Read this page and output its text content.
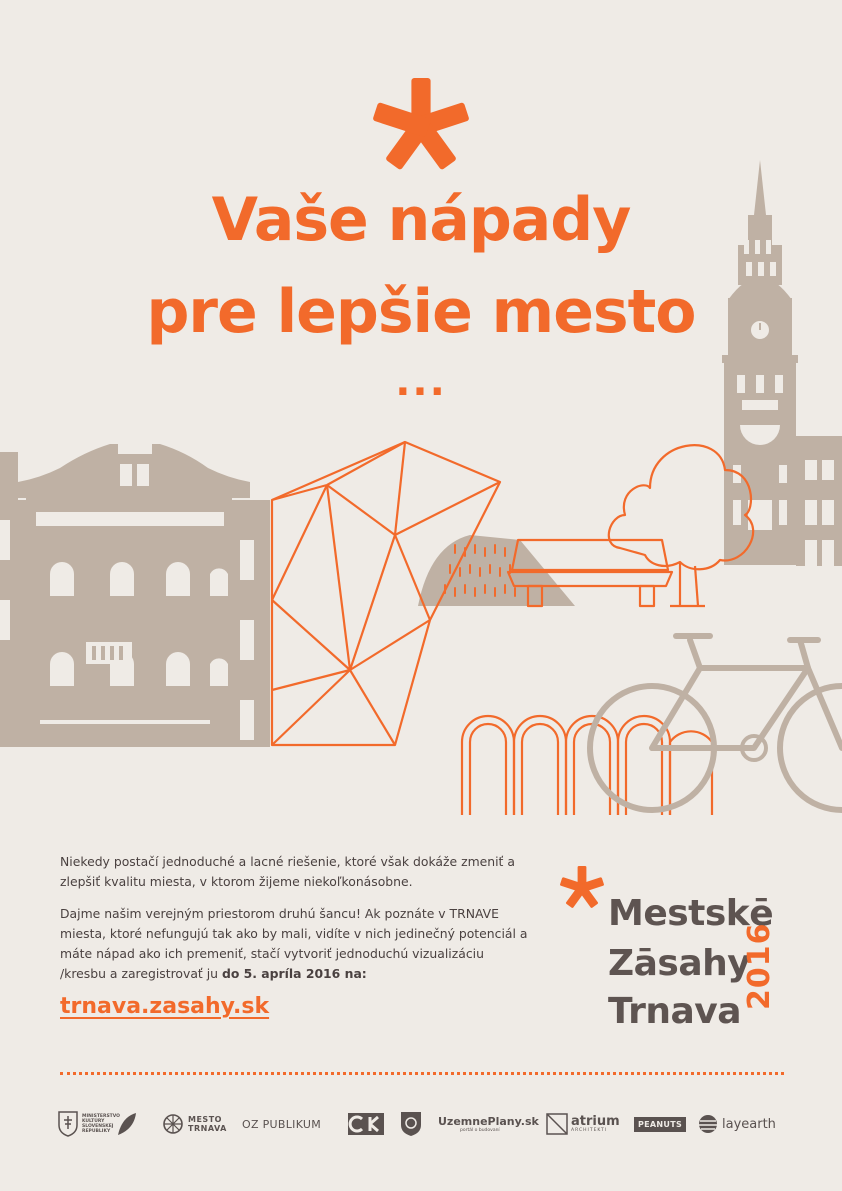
Vaše nápady
pre lepšie mesto
...

Niekedy postačí jednoduché a lacné riešenie, ktoré však dokáže zmeniť a zlepšiť kvalitu miesta, v ktorom žijeme niekoľkonásobne.

Dajme našim verejným priestorom druhú šancu! Ak poznáte v TRNAVE miesta, ktoré nefungujú tak ako by mali, vidíte v nich jedinečný potenciál a máte nápad ako ich premeniť, stačí vytvoriť jednoduchú vizualizáciu /kresbu a zaregistrovať ju do 5. apríla 2016 na:

trnava.zasahy.sk
Mestskē
Zāsahy
Trnava
2016
MINISTERSTVO KULTÚRY SLOVENSKEJ REPUBLIKY
MESTO
TRNAVA OZ PUBLIKUM	UzemnePlany.sk
portál o budovaní
atrium
ARCHITEKTI
PEANUTS	layearth
